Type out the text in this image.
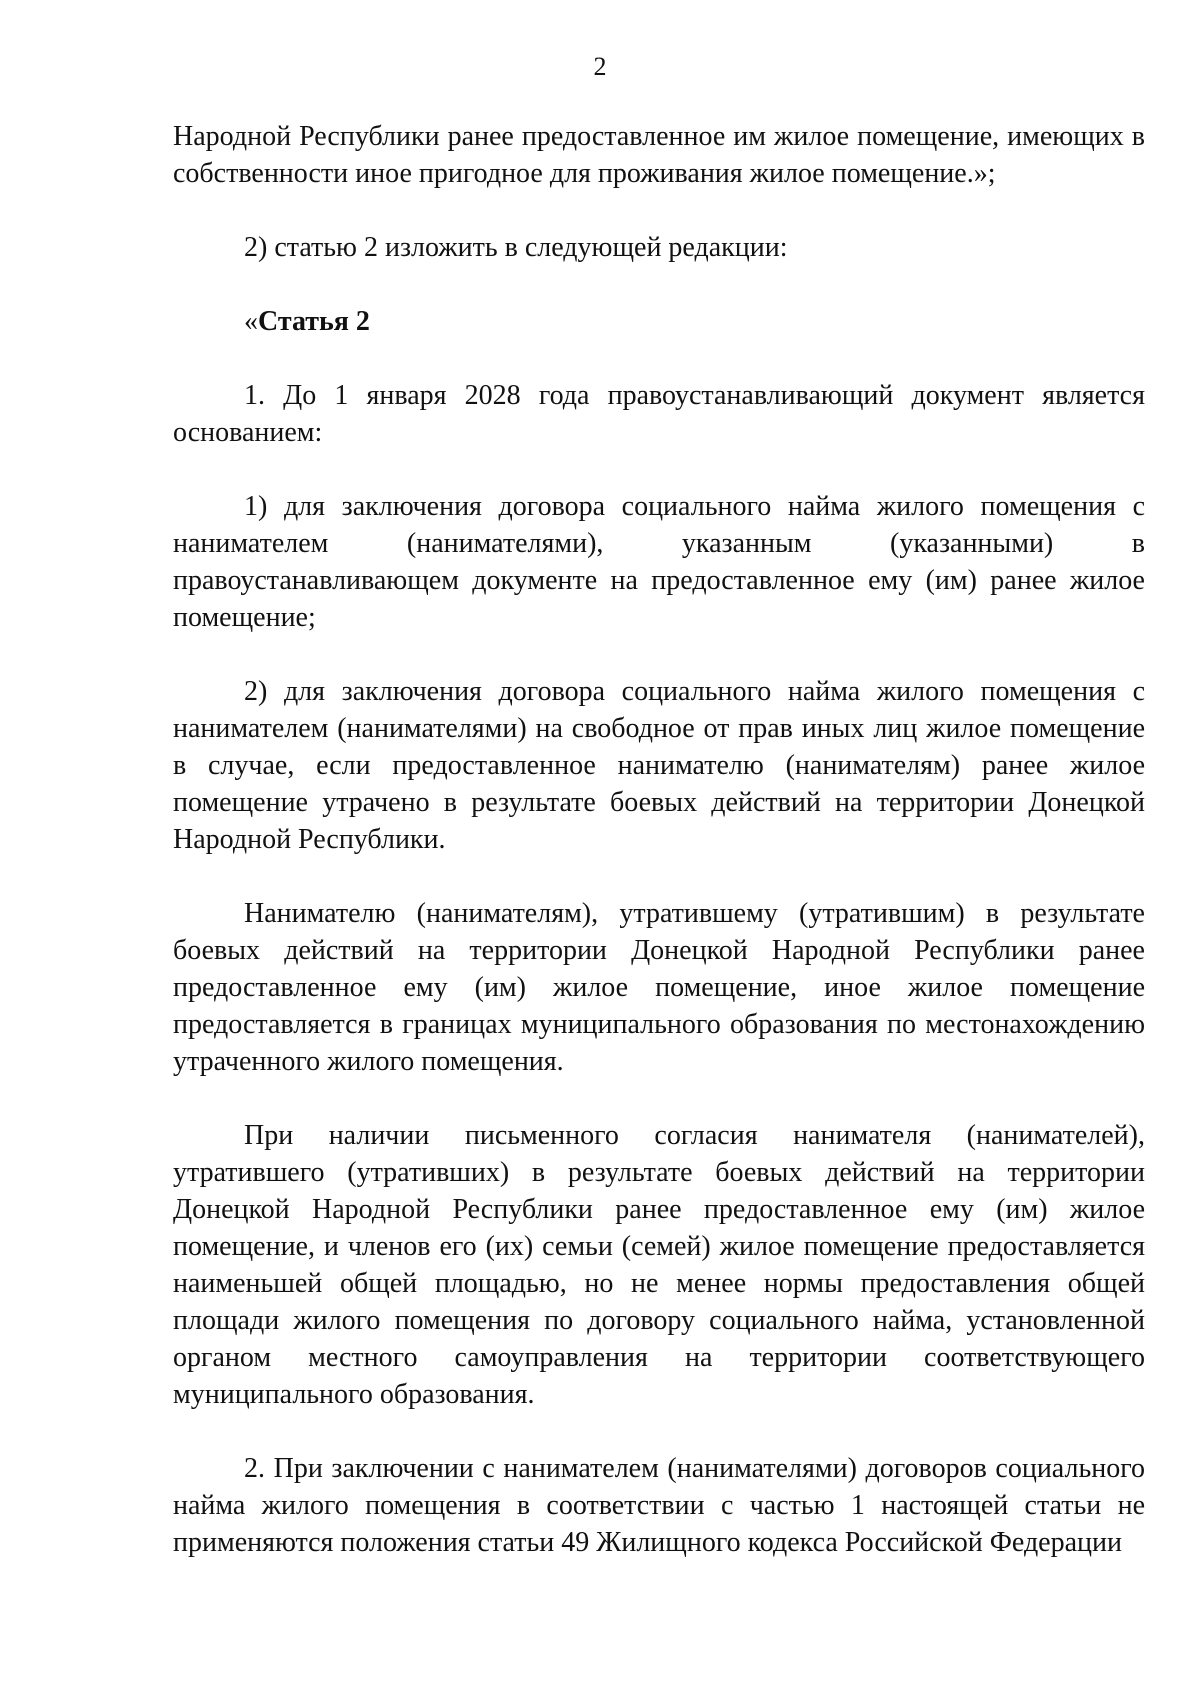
2

Народной Республики ранее предоставленное им жилое помещение, имеющих в собственности иное пригодное для проживания жилое помещение.»;

2) статью 2 изложить в следующей редакции:

«Статья 2

1. До 1 января 2028 года правоустанавливающий документ является основанием:

1) для заключения договора социального найма жилого помещения с нанимателем (нанимателями), указанным (указанными) в правоустанавливающем документе на предоставленное ему (им) ранее жилое помещение;

2) для заключения договора социального найма жилого помещения с нанимателем (нанимателями) на свободное от прав иных лиц жилое помещение в случае, если предоставленное нанимателю (нанимателям) ранее жилое помещение утрачено в результате боевых действий на территории Донецкой Народной Республики.

Нанимателю (нанимателям), утратившему (утратившим) в результате боевых действий на территории Донецкой Народной Республики ранее предоставленное ему (им) жилое помещение, иное жилое помещение предоставляется в границах муниципального образования по местонахождению утраченного жилого помещения.

При наличии письменного согласия нанимателя (нанимателей), утратившего (утративших) в результате боевых действий на территории Донецкой Народной Республики ранее предоставленное ему (им) жилое помещение, и членов его (их) семьи (семей) жилое помещение предоставляется наименьшей общей площадью, но не менее нормы предоставления общей площади жилого помещения по договору социального найма, установленной органом местного самоуправления на территории соответствующего муниципального образования.

2. При заключении с нанимателем (нанимателями) договоров социального найма жилого помещения в соответствии с частью 1 настоящей статьи не применяются положения статьи 49 Жилищного кодекса Российской Федерации
